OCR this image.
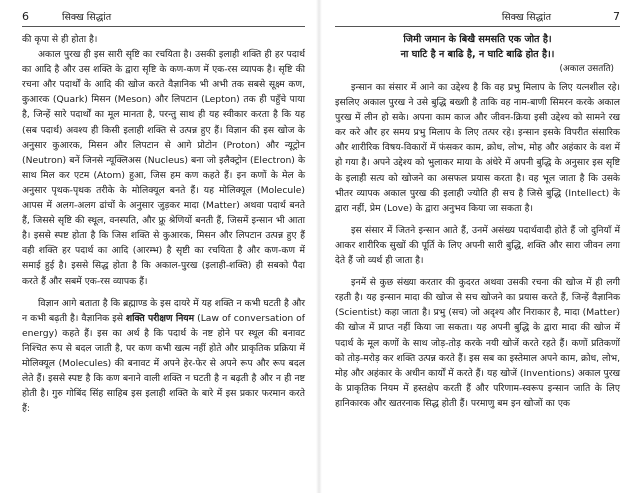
6	सिक्ख सिद्धांत

की कृपा से ही होता है।

अकाल पुरख ही इस सारी सृष्टि का रचयिता है। उसकी इलाही शक्ति ही हर पदार्थ का आदि है और उस शक्ति के द्वारा सृष्टि के कण-कण में एक-रस व्यापक है। सृष्टि की रचना और पदार्थों के आदि की खोज करते वैज्ञानिक भी अभी तक सबसे सूक्ष्म कण, कुआरक (Quark) मिसन (Meson) और लिपटान (Lepton) तक ही पहुँचे पाया है, जिन्हें सारे पदार्थों का मूल मानता है, परन्तु साथ ही यह स्वीकार करता है कि यह (सब पदार्थ) अवश्य ही किसी इलाही शक्ति से उत्पन्न हुए हैं। विज्ञान की इस खोज के अनुसार कुआरक, मिसन और लिपटान से आगे प्रोटोन (Proton) और न्यूट्रोन (Neutron) बनें जिनसे न्यूक्लिअस (Nucleus) बना जो इलैक्ट्रोन (Electron) के साथ मिल कर एटम (Atom) हुआ, जिस हम कण कहते हैं। इन कणों के मेल के अनुसार पृथक-पृथक तरीके के मोलिक्यूल बनते हैं। यह मोलिक्यूल (Molecule) आपस में अलग-अलग ढांचों के अनुसार जुड़कर मादा (Matter) अथवा पदार्थ बनते हैं, जिससे सृष्टि की स्थूल, वनस्पति, और फ़्रू श्रेणियों बनती हैं, जिसमें इन्सान भी आता है। इससे स्पष्ट होता है कि जिस शक्ति से कुआरक, मिसन और लिपटान उत्पन्न हुए हैं वही शक्ति हर पदार्थ का आदि (आरम्भ) है सृष्टी का रचयिता है और कण-कण में समाई हुई है। इससे सिद्ध होता है कि अकाल-पुरख (इलाही-शक्ति) ही सबको पैदा करते हैं और सबमें एक-रस व्यापक हैं।

विज्ञान आगे बताता है कि ब्रह्माण्ड के इस दायरे में यह शक्ति न कभी घटती है और न कभी बढ़ती है। वैज्ञानिक इसे शक्ति परीक्षण नियम (Law of conversation of energy) कहते हैं। इस का अर्थ है कि पदार्थ के नष्ट होने पर स्थूल की बनावट निश्चित रूप से बदल जाती है, पर कण कभी खत्म नहीं होते और प्राकृतिक प्रक्रिया में मोलिक्यूल (Molecules) की बनावट में अपने हेर-फेर से अपने रूप और रूप बदल लेते हैं। इससे स्पष्ट है कि कण बनाने वाली शक्ति न घटती है न बढ़ती है और न ही नष्ट होती है। गुरु गोबिंद सिंह साहिब इस इलाही शक्ति के बारे में इस प्रकार फरमान करते हैं:

सिक्ख सिद्धांत	7
जिमी जमान के बिखै समसति एक जोत है।
ना घाटि है न बाढि है, न घाटि बाढि होत है।।
(अकाल उसतति)

इन्सान का संसार में आने का उद्देश्य है कि वह प्रभु मिलाप के लिए यत्नशील रहे। इसलिए अकाल पुरख ने उसे बुद्धि बख्शी है ताकि वह नाम-बाणी सिमरन करके अकाल पुरख में लीन हो सके। अपना काम काज और जीवन-क्रिया इसी उद्देश्य को सामने रख कर करे और हर समय प्रभु मिलाप के लिए तत्पर रहे। इन्सान इसके विपरीत संसारिक और शारीरिक विषय-विकारों में फंसकर काम, क्रोध, लोभ, मोह और अहंकार के वश में हो गया है। अपने उद्देश्य को भुलाकर माया के अंधेरे में अपनी बुद्धि के अनुसार इस सृष्टि के इलाही सत्य को खोजने का असफल प्रयास करता है। वह भूल जाता है कि उसके भीतर व्यापक अकाल पुरख की इलाही ज्योति ही सच है जिसे बुद्धि (Intellect) के द्वारा नहीं, प्रेम (Love) के द्वारा अनुभव किया जा सकता है।

इस संसार में जितने इन्सान आते हैं, उनमें असंख्य पदार्थवादी होते हैं जो दुनियाँ में आकर शारीरिक सुखों की पूर्ति के लिए अपनी सारी बुद्धि, शक्ति और सारा जीवन लगा देते हैं जो व्यर्थ ही जाता है।

इनमें से कुछ संख्या करतार की कुदरत अथवा उसकी रचना की खोज में ही लगी रहती है। यह इन्सान मादा की खोज से सच खोजने का प्रयास करते हैं, जिन्हें वैज्ञानिक (Scientist) कहा जाता है। प्रभु (सच) जो अदृश्य और निराकार है, मादा (Matter) की खोज में प्राप्त नहीं किया जा सकता। यह अपनी बुद्धि के द्वारा मादा की खोज में पदार्थ के मूल कणों के साथ जोड़-तोड़ करके नयी खोजें करते रहते हैं। कणों प्रतिकणों को तोड़-मरोड़ कर शक्ति उत्पन्न करते हैं। इस सब का इस्तेमाल अपने काम, क्रोध, लोभ, मोह और अहंकार के अधीन कार्यों में करते हैं। यह खोजें (Inventions) अकाल पुरख के प्राकृतिक नियम में हस्तक्षेप करती हैं और परिणाम-स्वरूप इन्सान जाति के लिए हानिकारक और खतरनाक सिद्ध होती हैं। परमाणु बम इन खोजों का एक
